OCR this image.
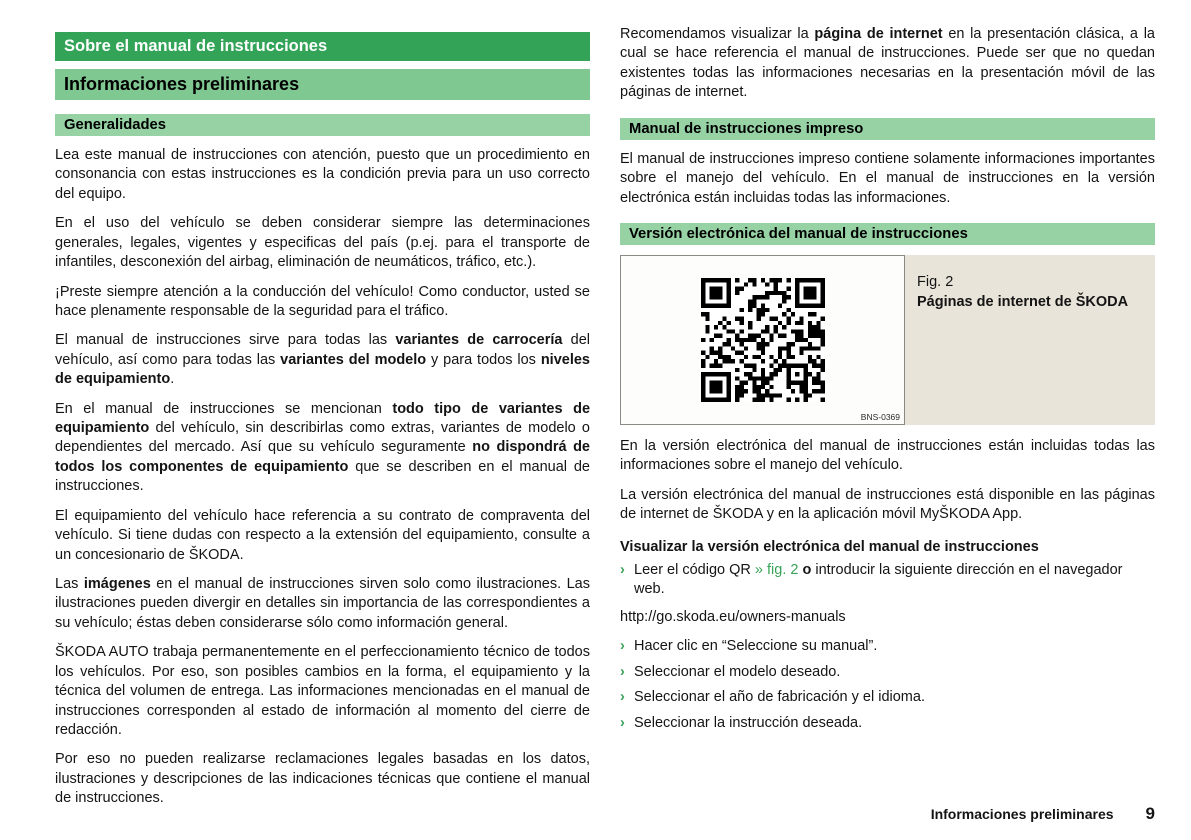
Sobre el manual de instrucciones
Informaciones preliminares
Generalidades

Lea este manual de instrucciones con atención, puesto que un procedimiento en consonancia con estas instrucciones es la condición previa para un uso correcto del equipo.

En el uso del vehículo se deben considerar siempre las determinaciones generales, legales, vigentes y especificas del país (p.ej. para el transporte de infantiles, desconexión del airbag, eliminación de neumáticos, tráfico, etc.).

¡Preste siempre atención a la conducción del vehículo! Como conductor, usted se hace plenamente responsable de la seguridad para el tráfico.

El manual de instrucciones sirve para todas las variantes de carrocería del vehículo, así como para todas las variantes del modelo y para todos los niveles de equipamiento.

En el manual de instrucciones se mencionan todo tipo de variantes de equipamiento del vehículo, sin describirlas como extras, variantes de modelo o dependientes del mercado. Así que su vehículo seguramente no dispondrá de todos los componentes de equipamiento que se describen en el manual de instrucciones.

El equipamiento del vehículo hace referencia a su contrato de compraventa del vehículo. Si tiene dudas con respecto a la extensión del equipamiento, consulte a un concesionario de ŠKODA.

Las imágenes en el manual de instrucciones sirven solo como ilustraciones. Las ilustraciones pueden divergir en detalles sin importancia de las correspondientes a su vehículo; éstas deben considerarse sólo como información general.

ŠKODA AUTO trabaja permanentemente en el perfeccionamiento técnico de todos los vehículos. Por eso, son posibles cambios en la forma, el equipamiento y la técnica del volumen de entrega. Las informaciones mencionadas en el manual de instrucciones corresponden al estado de información al momento del cierre de redacción.

Por eso no pueden realizarse reclamaciones legales basadas en los datos, ilustraciones y descripciones de las indicaciones técnicas que contiene el manual de instrucciones.

Recomendamos visualizar la página de internet en la presentación clásica, a la cual se hace referencia el manual de instrucciones. Puede ser que no quedan existentes todas las informaciones necesarias en la presentación móvil de las páginas de internet.

Manual de instrucciones impreso

El manual de instrucciones impreso contiene solamente informaciones importantes sobre el manejo del vehículo. En el manual de instrucciones en la versión electrónica están incluidas todas las informaciones.

Versión electrónica del manual de instrucciones
BNS-0369
Fig. 2
Páginas de internet de ŠKODA

En la versión electrónica del manual de instrucciones están incluidas todas las informaciones sobre el manejo del vehículo.

La versión electrónica del manual de instrucciones está disponible en las páginas de internet de ŠKODA y en la aplicación móvil MyŠKODA App.

Visualizar la versión electrónica del manual de instrucciones

› Leer el código QR » fig. 2 o introducir la siguiente dirección en el navegador web.

http://go.skoda.eu/owners-manuals

› Hacer clic en “Seleccione su manual”.
› Seleccionar el modelo deseado.
› Seleccionar el año de fabricación y el idioma.
› Seleccionar la instrucción deseada.
Informaciones preliminares 9
